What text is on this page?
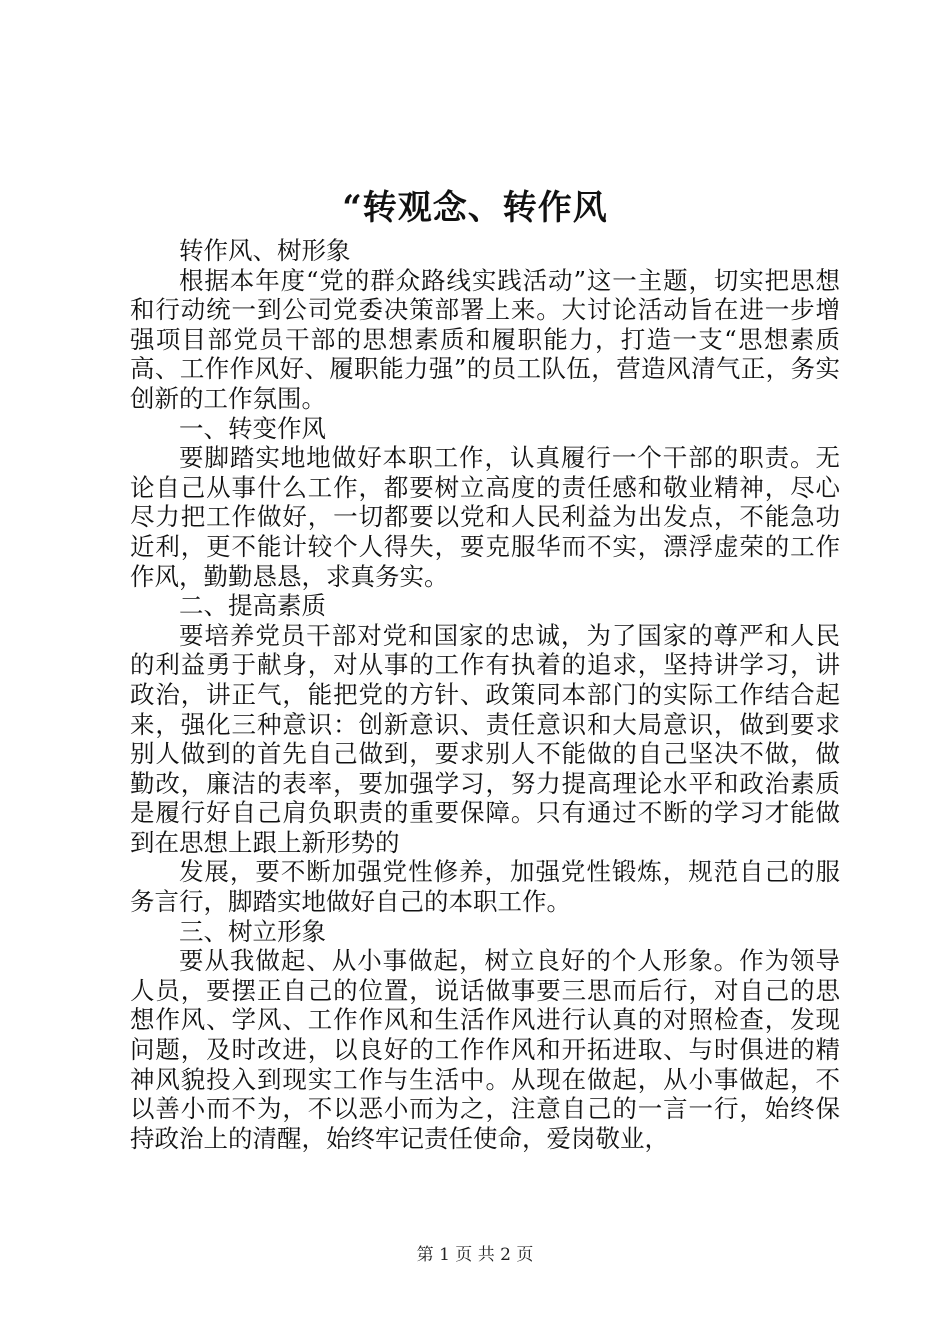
“转观念、转作风

转作风、树形象

根据本年度“党的群众路线实践活动”这一主题，切实把思想和行动统一到公司党委决策部署上来。大讨论活动旨在进一步增强项目部党员干部的思想素质和履职能力，打造一支“思想素质高、工作作风好、履职能力强”的员工队伍，营造风清气正，务实创新的工作氛围。

一、转变作风

要脚踏实地地做好本职工作，认真履行一个干部的职责。无论自己从事什么工作，都要树立高度的责任感和敬业精神，尽心尽力把工作做好，一切都要以党和人民利益为出发点，不能急功近利，更不能计较个人得失，要克服华而不实，漂浮虚荣的工作作风，勤勤恳恳，求真务实。

二、提高素质

要培养党员干部对党和国家的忠诚，为了国家的尊严和人民的利益勇于献身，对从事的工作有执着的追求，坚持讲学习，讲政治，讲正气，能把党的方针、政策同本部门的实际工作结合起来，强化三种意识：创新意识、责任意识和大局意识，做到要求别人做到的首先自己做到，要求别人不能做的自己坚决不做，做勤改，廉洁的表率，要加强学习，努力提高理论水平和政治素质是履行好自己肩负职责的重要保障。只有通过不断的学习才能做到在思想上跟上新形势的

发展，要不断加强党性修养，加强党性锻炼，规范自己的服务言行，脚踏实地做好自己的本职工作。

三、树立形象

要从我做起、从小事做起，树立良好的个人形象。作为领导人员，要摆正自己的位置，说话做事要三思而后行，对自己的思想作风、学风、工作作风和生活作风进行认真的对照检查，发现问题，及时改进，以良好的工作作风和开拓进取、与时俱进的精神风貌投入到现实工作与生活中。从现在做起，从小事做起，不以善小而不为，不以恶小而为之，注意自己的一言一行，始终保持政治上的清醒，始终牢记责任使命，爱岗敬业，

第 1 页 共 2 页
